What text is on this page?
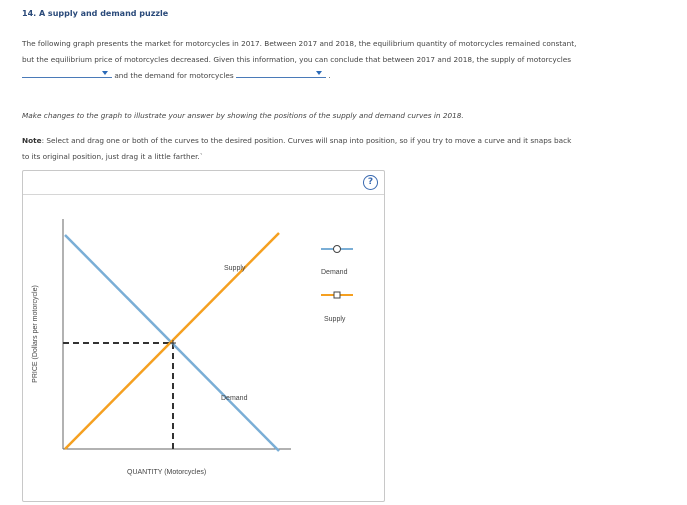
14. A supply and demand puzzle
The following graph presents the market for motorcycles in 2017. Between 2017 and 2018, the equilibrium quantity of motorcycles remained constant,
but the equilibrium price of motorcycles decreased. Given this information, you can conclude that between 2017 and 2018, the supply of motorcycles
and the demand for motorcycles	.
Make changes to the graph to illustrate your answer by showing the positions of the supply and demand curves in 2018.
Note: Select and drag one or both of the curves to the desired position. Curves will snap into position, so if you try to move a curve and it snaps back
to its original position, just drag it a little farther.`
?
Supply
Demand
QUANTITY (Motorcycles)
PRICE (Dollars per motorcycle)
Demand
Supply
